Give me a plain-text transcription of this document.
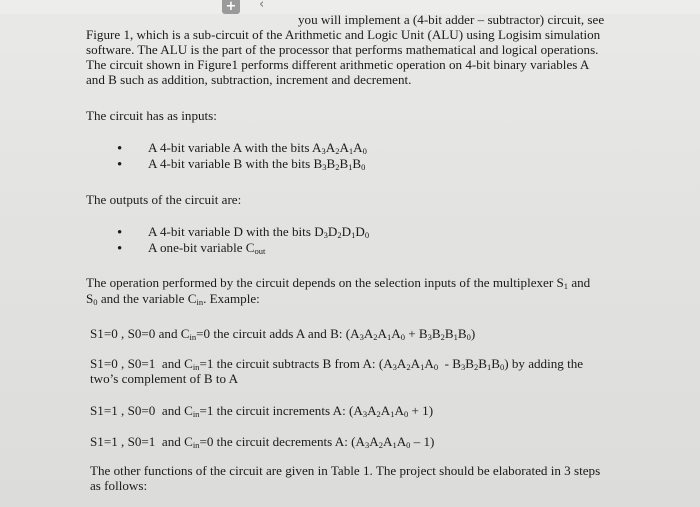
+ ‹
you will implement a (4-bit adder – subtractor) circuit, see
Figure 1, which is a sub-circuit of the Arithmetic and Logic Unit (ALU) using Logisim simulation
software. The ALU is the part of the processor that performs mathematical and logical operations.
The circuit shown in Figure1 performs different arithmetic operation on 4-bit binary variables A
and B such as addition, subtraction, increment and decrement.
The circuit has as inputs:
• A 4-bit variable A with the bits $A_3A_2A_1A_0$
• A 4-bit variable B with the bits $B_3B_2B_1B_0$
The outputs of the circuit are:
• A 4-bit variable D with the bits $D_3D_2D_1D_0$
• A one-bit variable $C_{out}$
The operation performed by the circuit depends on the selection inputs of the multiplexer $S_1$ and
$S_0$ and the variable $C_{in}$. Example:
S1=0 , S0=0 and $C_{in}=0$ the circuit adds A and B: $(A_3A_2A_1A_0 + B_3B_2B_1B_0)$
S1=0 , S0=1  and $C_{in}=1$ the circuit subtracts B from A: $(A_3A_2A_1A_0 - B_3B_2B_1B_0)$ by adding the
two’s complement of B to A
S1=1 , S0=0  and $C_{in}=1$ the circuit increments A: $(A_3A_2A_1A_0 + 1)$
S1=1 , S0=1  and $C_{in}=0$ the circuit decrements A: $(A_3A_2A_1A_0 - 1)$
The other functions of the circuit are given in Table 1. The project should be elaborated in 3 steps
as follows:
